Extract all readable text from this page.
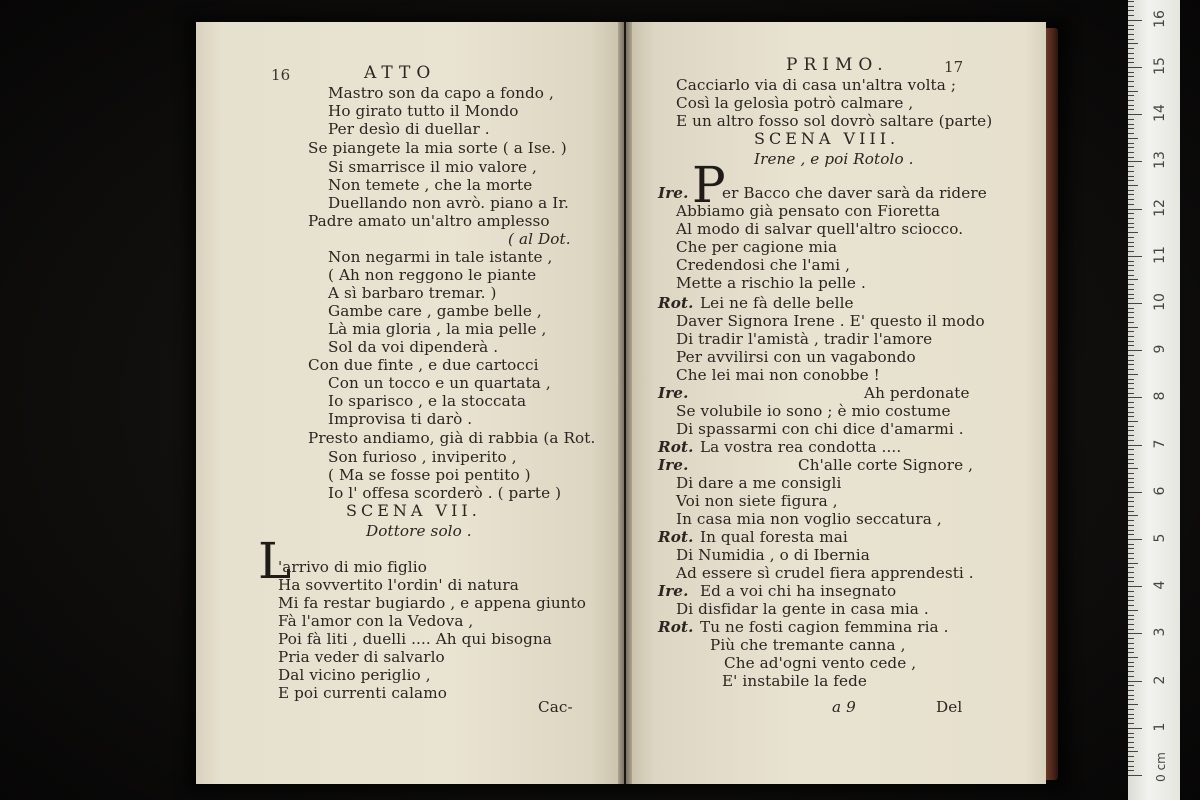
16	ATTO
Mastro son da capo a fondo ,
Ho girato tutto il Mondo
Per desìo di duellar .
Se piangete la mia sorte ( a Ise. )
Si smarrisce il mio valore ,
Non temete , che la morte
Duellando non avrò. piano a Ir.
Padre amato un'altro amplesso
( al Dot.
Non negarmi in tale istante ,
( Ah non reggono le piante
A sì barbaro tremar. )
Gambe care , gambe belle ,
Là mia gloria , la mia pelle ,
Sol da voi dipenderà .
Con due finte , e due cartocci
Con un tocco e un quartata ,
Io sparisco , e la stoccata
Improvisa ti darò .
Presto andiamo, già di rabbia (a Rot.
Son furioso , inviperito ,
( Ma se fosse poi pentito )
Io l' offesa scorderò . ( parte )
SCENA VII.
Dottore solo .
L
'arrivo di mio figlio
Ha sovvertito l'ordin' di natura
Mi fa restar bugiardo , e appena giunto
Fà l'amor con la Vedova ,
Poi fà liti , duelli .... Ah qui bisogna
Pria veder di salvarlo
Dal vicino periglio ,
E poi currenti calamo
Cac-
PRIMO.	17
Cacciarlo via di casa un'altra volta ;
Così la gelosìa potrò calmare ,
E un altro fosso sol dovrò saltare (parte)
SCENA VIII.
Irene , e poi Rotolo .
P
Ire. er Bacco che daver sarà da ridere
Abbiamo già pensato con Fioretta
Al modo di salvar quell'altro sciocco.
Che per cagione mia
Credendosi che l'ami ,
Mette a rischio la pelle .
Rot. Lei ne fà delle belle
Daver Signora Irene . E' questo il modo
Di tradir l'amistà , tradir l'amore
Per avvilirsi con un vagabondo
Che lei mai non conobbe !
Ire.	Ah perdonate
Se volubile io sono ; è mio costume
Di spassarmi con chi dice d'amarmi .
Rot. La vostra rea condotta ....
Ire.	Ch'alle corte Signore ,
Di dare a me consigli
Voi non siete figura ,
In casa mia non voglio seccatura ,
Rot. In qual foresta mai
Di Numidia , o di Ibernia
Ad essere sì crudel fiera apprendesti .
Ire. Ed a voi chi ha insegnato
Di disfidar la gente in casa mia .
Rot. Tu ne fosti cagion femmina ria .
Più che tremante canna ,
Che ad'ogni vento cede ,
E' instabile la fede
a 9	Del
1
2
3
4
5
6
7
8
9
10
11
12
13
14
15
16
0 cm
